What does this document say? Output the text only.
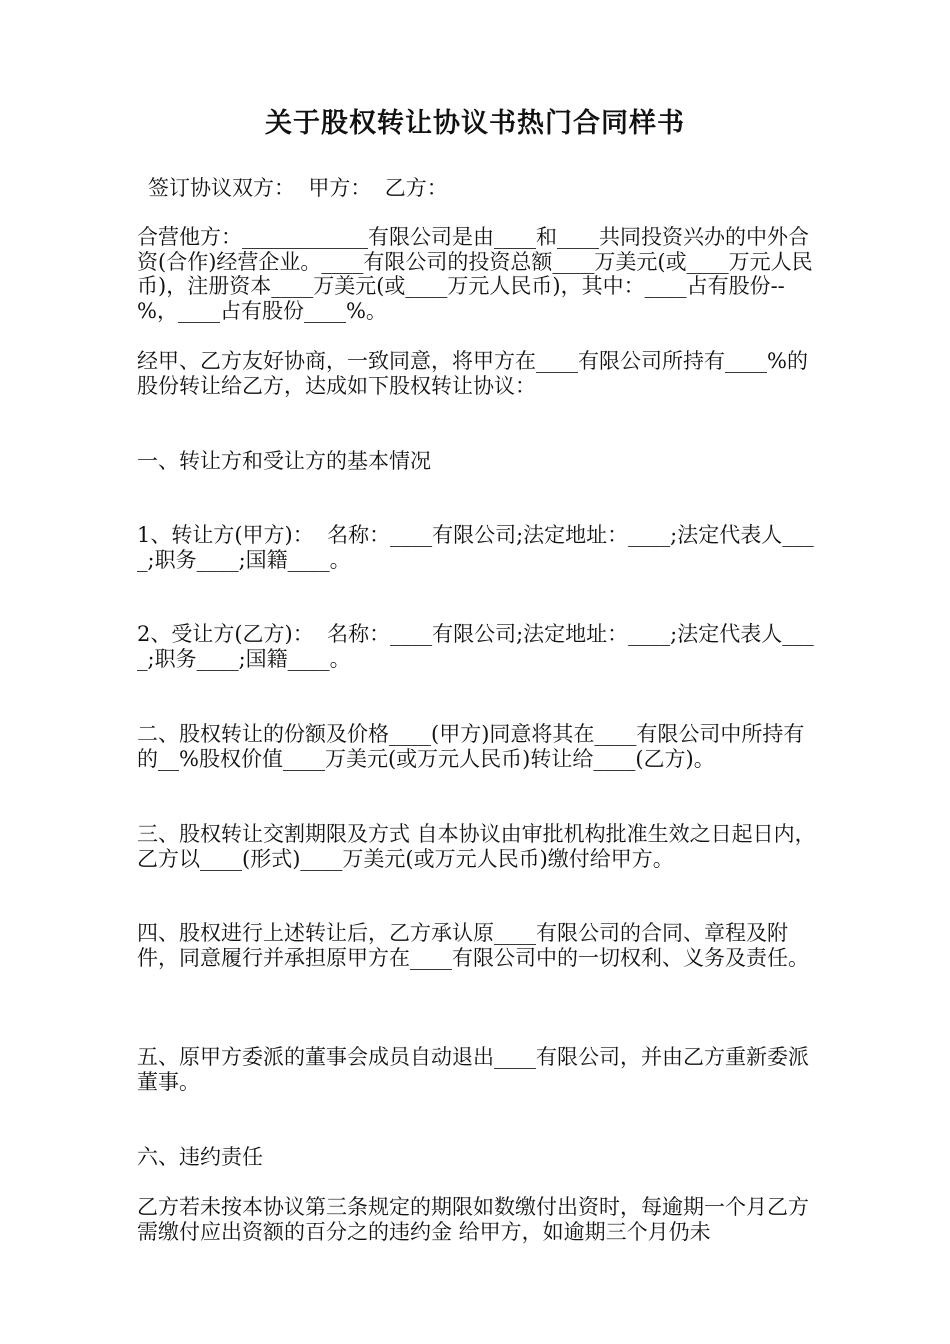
关于股权转让协议书热门合同样书

签订协议双方：  甲方：  乙方：

合营他方：____________有限公司是由____和____共同投资兴办的中外合资(合作)经营企业。____有限公司的投资总额____万美元(或____万元人民币)，注册资本____万美元(或____万元人民币)，其中：____占有股份--%，____占有股份____%。

经甲、乙方友好协商，一致同意，将甲方在____有限公司所持有____%的股份转让给乙方，达成如下股权转让协议：

一、转让方和受让方的基本情况

1、转让方(甲方)：  名称：____有限公司;法定地址：____;法定代表人____;职务____;国籍____。

2、受让方(乙方)：  名称：____有限公司;法定地址：____;法定代表人____;职务____;国籍____。

二、股权转让的份额及价格____(甲方)同意将其在____有限公司中所持有的__%股权价值____万美元(或万元人民币)转让给____(乙方)。

三、股权转让交割期限及方式 自本协议由审批机构批准生效之日起日内，乙方以____(形式)____万美元(或万元人民币)缴付给甲方。

四、股权进行上述转让后，乙方承认原____有限公司的合同、章程及附件，同意履行并承担原甲方在____有限公司中的一切权利、义务及责任。

五、原甲方委派的董事会成员自动退出____有限公司，并由乙方重新委派董事。

六、违约责任

乙方若未按本协议第三条规定的期限如数缴付出资时，每逾期一个月乙方需缴付应出资额的百分之的违约金 给甲方，如逾期三个月仍未
